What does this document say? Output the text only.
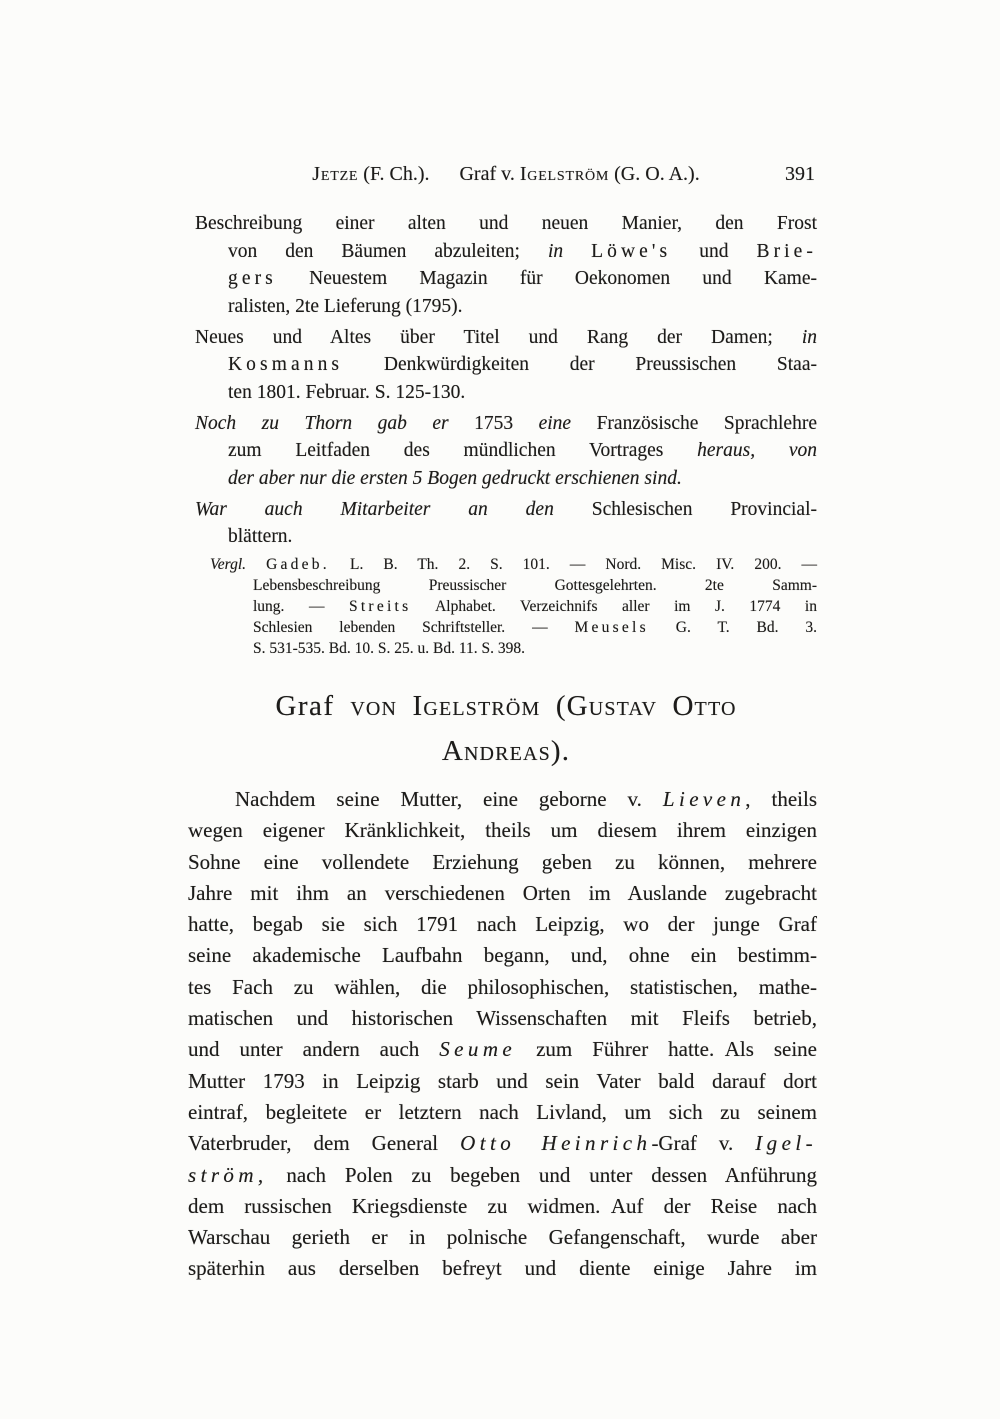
Jetze (F. Ch.). Graf v. Igelström (G. O. A.).	391
Beschreibung einer alten und neuen Manier, den Frost
von den Bäumen abzuleiten; in Löwe's und Brie-
gers Neuestem Magazin für Oekonomen und Kame-
ralisten, 2te Lieferung (1795).
Neues und Altes über Titel und Rang der Damen; in
Kosmanns Denkwürdigkeiten der Preussischen Staa-
ten 1801. Februar. S. 125-130.
Noch zu Thorn gab er 1753 eine Französische Sprachlehre
zum Leitfaden des mündlichen Vortrages heraus, von
der aber nur die ersten 5 Bogen gedruckt erschienen sind.
War auch Mitarbeiter an den Schlesischen Provincial-
blättern.
Vergl. Gadeb. L. B. Th. 2. S. 101. — Nord. Misc. IV. 200. —
Lebensbeschreibung Preussischer Gottesgelehrten. 2te Samm-
lung. — Streits Alphabet. Verzeichnifs aller im J. 1774 in
Schlesien lebenden Schriftsteller. — Meusels G. T. Bd. 3.
S. 531-535. Bd. 10. S. 25. u. Bd. 11. S. 398.
Graf von Igelström (Gustav Otto
Andreas).
Nachdem seine Mutter, eine geborne v. Lieven, theils
wegen eigener Kränklichkeit, theils um diesem ihrem einzigen
Sohne eine vollendete Erziehung geben zu können, mehrere
Jahre mit ihm an verschiedenen Orten im Auslande zugebracht
hatte, begab sie sich 1791 nach Leipzig, wo der junge Graf
seine akademische Laufbahn begann, und, ohne ein bestimm-
tes Fach zu wählen, die philosophischen, statistischen, mathe-
matischen und historischen Wissenschaften mit Fleifs betrieb,
und unter andern auch Seume zum Führer hatte. Als seine
Mutter 1793 in Leipzig starb und sein Vater bald darauf dort
eintraf, begleitete er letztern nach Livland, um sich zu seinem
Vaterbruder, dem General Otto Heinrich-Graf v. Igel-
ström, nach Polen zu begeben und unter dessen Anführung
dem russischen Kriegsdienste zu widmen. Auf der Reise nach
Warschau gerieth er in polnische Gefangenschaft, wurde aber
späterhin aus derselben befreyt und diente einige Jahre im
